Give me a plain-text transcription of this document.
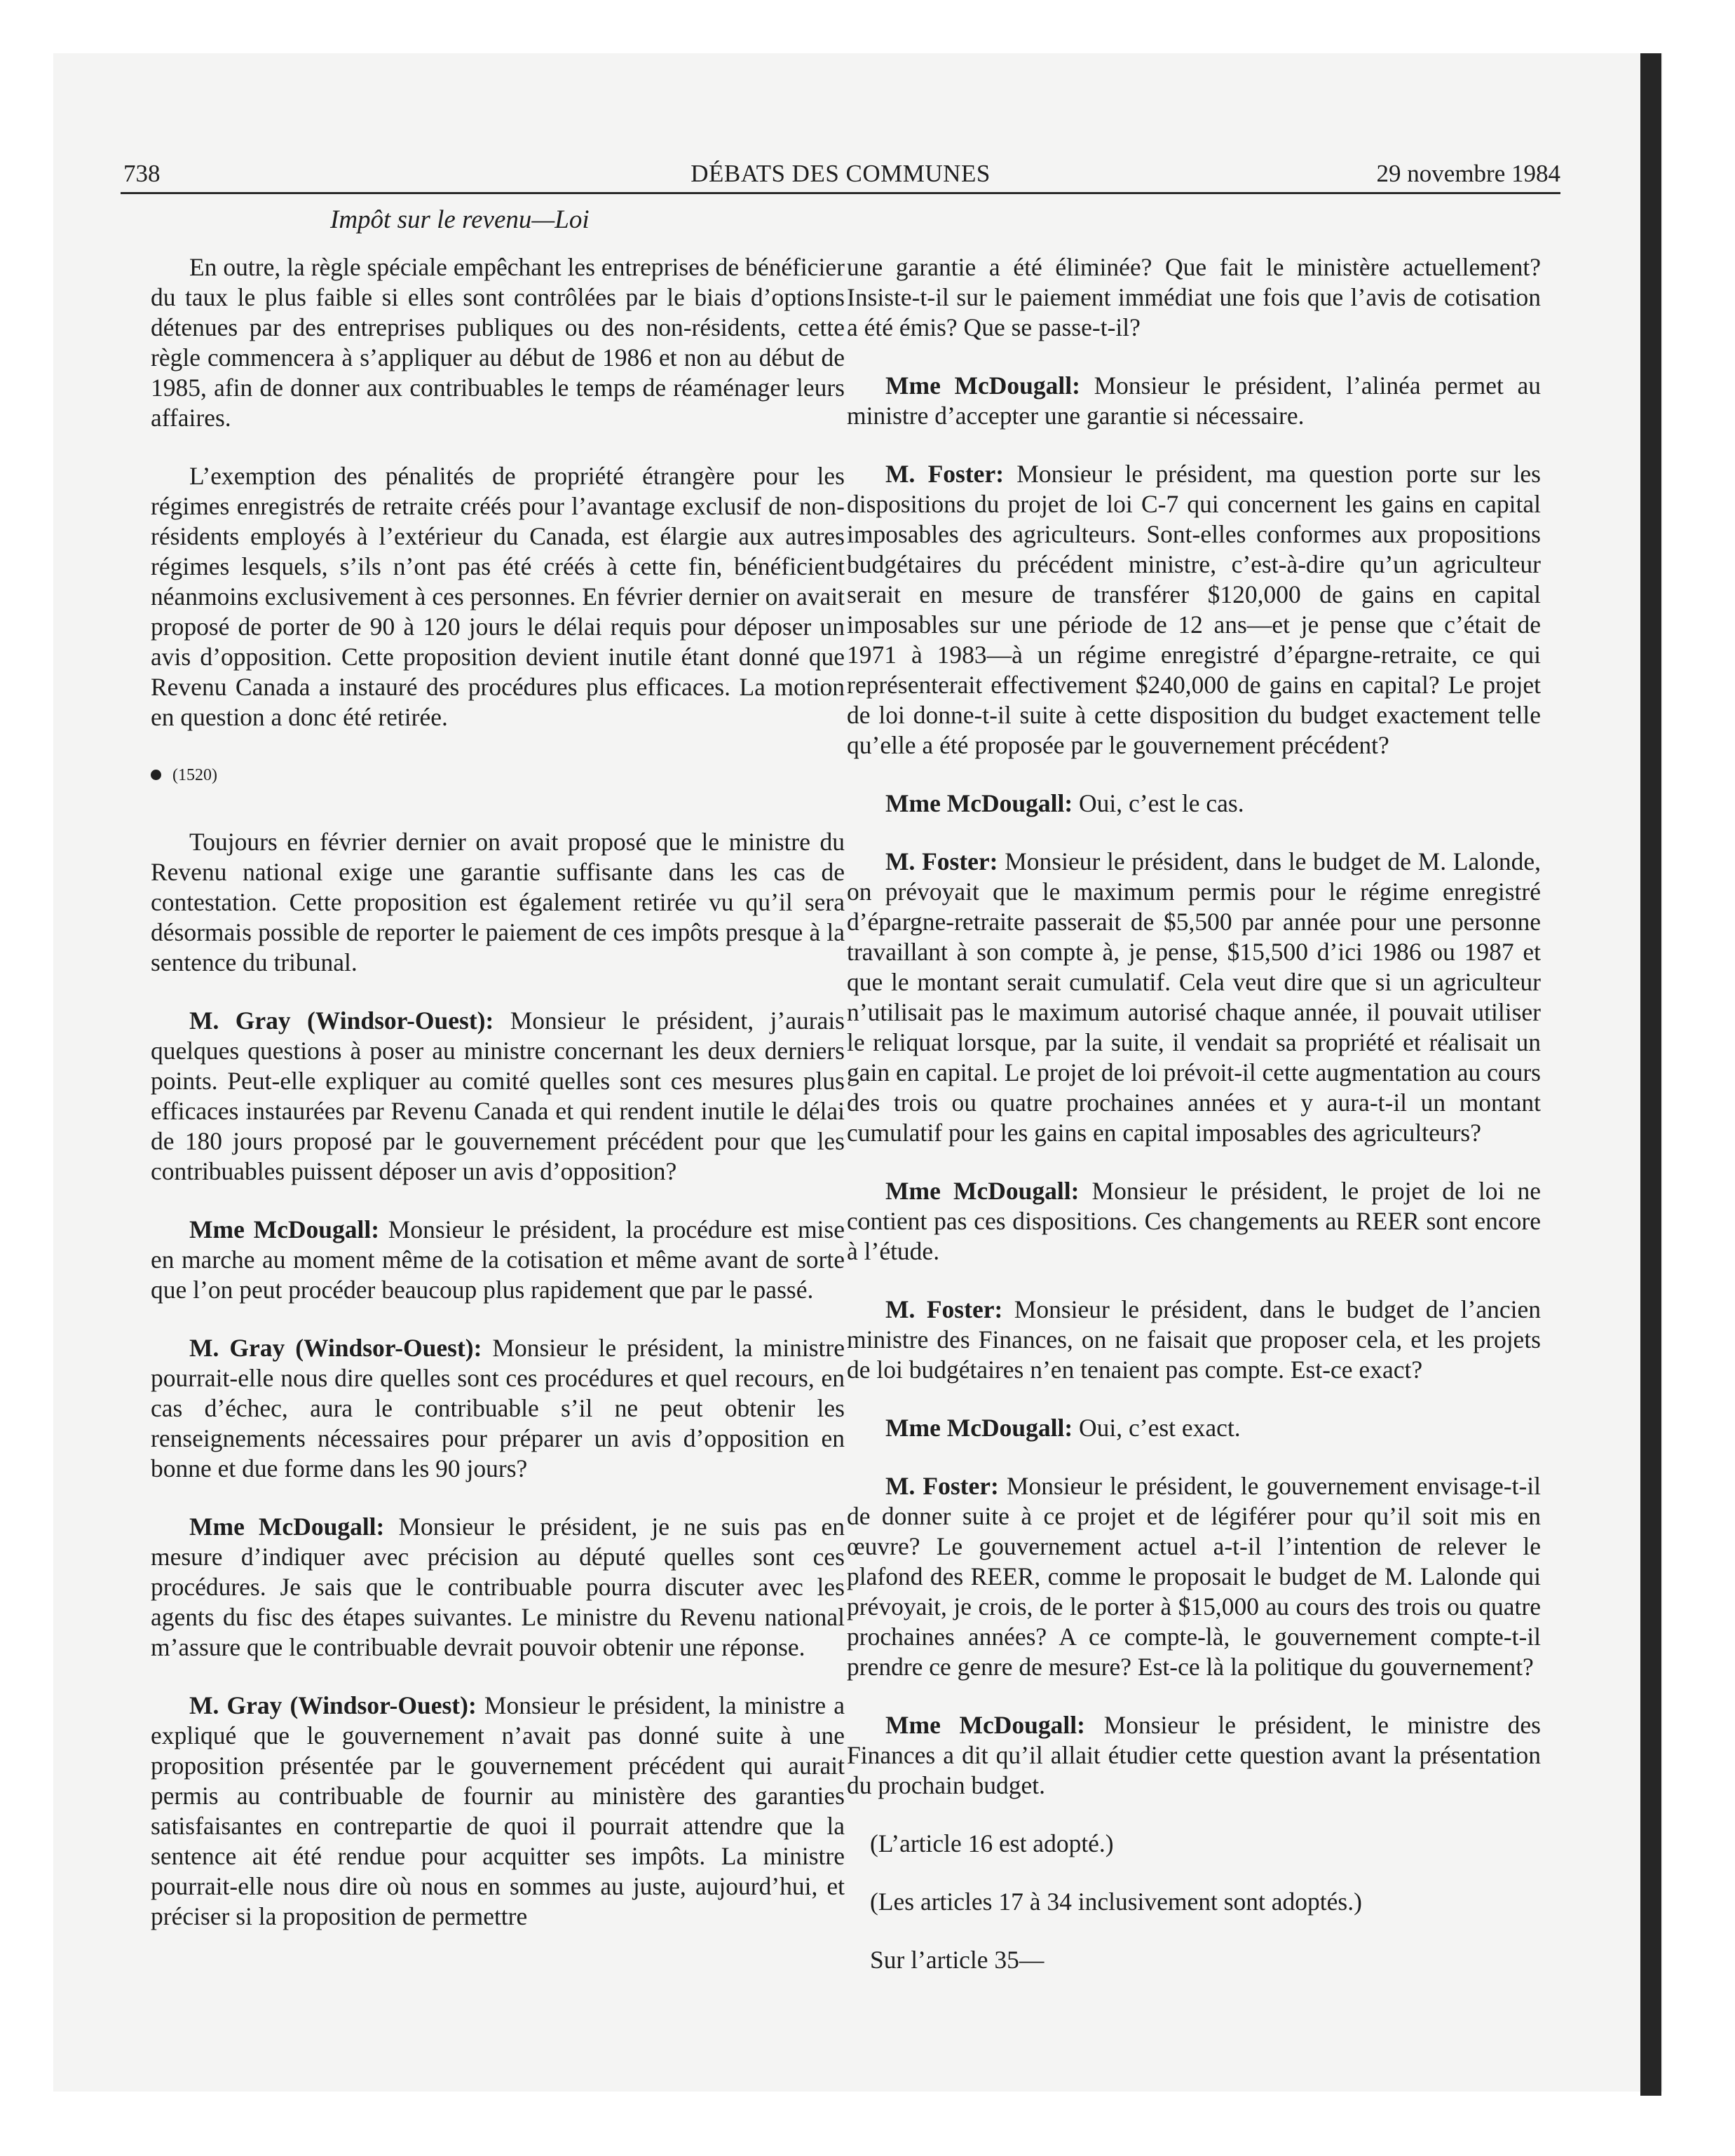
738	DÉBATS DES COMMUNES	29 novembre 1984
Impôt sur le revenu—Loi

En outre, la règle spéciale empêchant les entreprises de bénéficier du taux le plus faible si elles sont contrôlées par le biais d’options détenues par des entreprises publiques ou des non-résidents, cette règle commencera à s’appliquer au début de 1986 et non au début de 1985, afin de donner aux contribuables le temps de réaménager leurs affaires.

L’exemption des pénalités de propriété étrangère pour les régimes enregistrés de retraite créés pour l’avantage exclusif de non-résidents employés à l’extérieur du Canada, est élargie aux autres régimes lesquels, s’ils n’ont pas été créés à cette fin, bénéficient néanmoins exclusivement à ces personnes. En février dernier on avait proposé de porter de 90 à 120 jours le délai requis pour déposer un avis d’opposition. Cette proposition devient inutile étant donné que Revenu Canada a instauré des procédures plus efficaces. La motion en question a donc été retirée.

(1520)

Toujours en février dernier on avait proposé que le ministre du Revenu national exige une garantie suffisante dans les cas de contestation. Cette proposition est également retirée vu qu’il sera désormais possible de reporter le paiement de ces impôts presque à la sentence du tribunal.

M. Gray (Windsor-Ouest): Monsieur le président, j’aurais quelques questions à poser au ministre concernant les deux derniers points. Peut-elle expliquer au comité quelles sont ces mesures plus efficaces instaurées par Revenu Canada et qui rendent inutile le délai de 180 jours proposé par le gouvernement précédent pour que les contribuables puissent déposer un avis d’opposition?

Mme McDougall: Monsieur le président, la procédure est mise en marche au moment même de la cotisation et même avant de sorte que l’on peut procéder beaucoup plus rapidement que par le passé.

M. Gray (Windsor-Ouest): Monsieur le président, la ministre pourrait-elle nous dire quelles sont ces procédures et quel recours, en cas d’échec, aura le contribuable s’il ne peut obtenir les renseignements nécessaires pour préparer un avis d’opposition en bonne et due forme dans les 90 jours?

Mme McDougall: Monsieur le président, je ne suis pas en mesure d’indiquer avec précision au député quelles sont ces procédures. Je sais que le contribuable pourra discuter avec les agents du fisc des étapes suivantes. Le ministre du Revenu national m’assure que le contribuable devrait pouvoir obtenir une réponse.

M. Gray (Windsor-Ouest): Monsieur le président, la ministre a expliqué que le gouvernement n’avait pas donné suite à une proposition présentée par le gouvernement précédent qui aurait permis au contribuable de fournir au ministère des garanties satisfaisantes en contrepartie de quoi il pourrait attendre que la sentence ait été rendue pour acquitter ses impôts. La ministre pourrait-elle nous dire où nous en sommes au juste, aujourd’hui, et préciser si la proposition de permettre

une garantie a été éliminée? Que fait le ministère actuellement? Insiste-t-il sur le paiement immédiat une fois que l’avis de cotisation a été émis? Que se passe-t-il?

Mme McDougall: Monsieur le président, l’alinéa permet au ministre d’accepter une garantie si nécessaire.

M. Foster: Monsieur le président, ma question porte sur les dispositions du projet de loi C-7 qui concernent les gains en capital imposables des agriculteurs. Sont-elles conformes aux propositions budgétaires du précédent ministre, c’est-à-dire qu’un agriculteur serait en mesure de transférer $120,000 de gains en capital imposables sur une période de 12 ans—et je pense que c’était de 1971 à 1983—à un régime enregistré d’épargne-retraite, ce qui représenterait effectivement $240,000 de gains en capital? Le projet de loi donne-t-il suite à cette disposition du budget exactement telle qu’elle a été proposée par le gouvernement précédent?

Mme McDougall: Oui, c’est le cas.

M. Foster: Monsieur le président, dans le budget de M. Lalonde, on prévoyait que le maximum permis pour le régime enregistré d’épargne-retraite passerait de $5,500 par année pour une personne travaillant à son compte à, je pense, $15,500 d’ici 1986 ou 1987 et que le montant serait cumulatif. Cela veut dire que si un agriculteur n’utilisait pas le maximum autorisé chaque année, il pouvait utiliser le reliquat lorsque, par la suite, il vendait sa propriété et réalisait un gain en capital. Le projet de loi prévoit-il cette augmentation au cours des trois ou quatre prochaines années et y aura-t-il un montant cumulatif pour les gains en capital imposables des agriculteurs?

Mme McDougall: Monsieur le président, le projet de loi ne contient pas ces dispositions. Ces changements au REER sont encore à l’étude.

M. Foster: Monsieur le président, dans le budget de l’ancien ministre des Finances, on ne faisait que proposer cela, et les projets de loi budgétaires n’en tenaient pas compte. Est-ce exact?

Mme McDougall: Oui, c’est exact.

M. Foster: Monsieur le président, le gouvernement envisage-t-il de donner suite à ce projet et de légiférer pour qu’il soit mis en œuvre? Le gouvernement actuel a-t-il l’intention de relever le plafond des REER, comme le proposait le budget de M. Lalonde qui prévoyait, je crois, de le porter à $15,000 au cours des trois ou quatre prochaines années? A ce compte-là, le gouvernement compte-t-il prendre ce genre de mesure? Est-ce là la politique du gouvernement?

Mme McDougall: Monsieur le président, le ministre des Finances a dit qu’il allait étudier cette question avant la présentation du prochain budget.

(L’article 16 est adopté.)

(Les articles 17 à 34 inclusivement sont adoptés.)

Sur l’article 35—
